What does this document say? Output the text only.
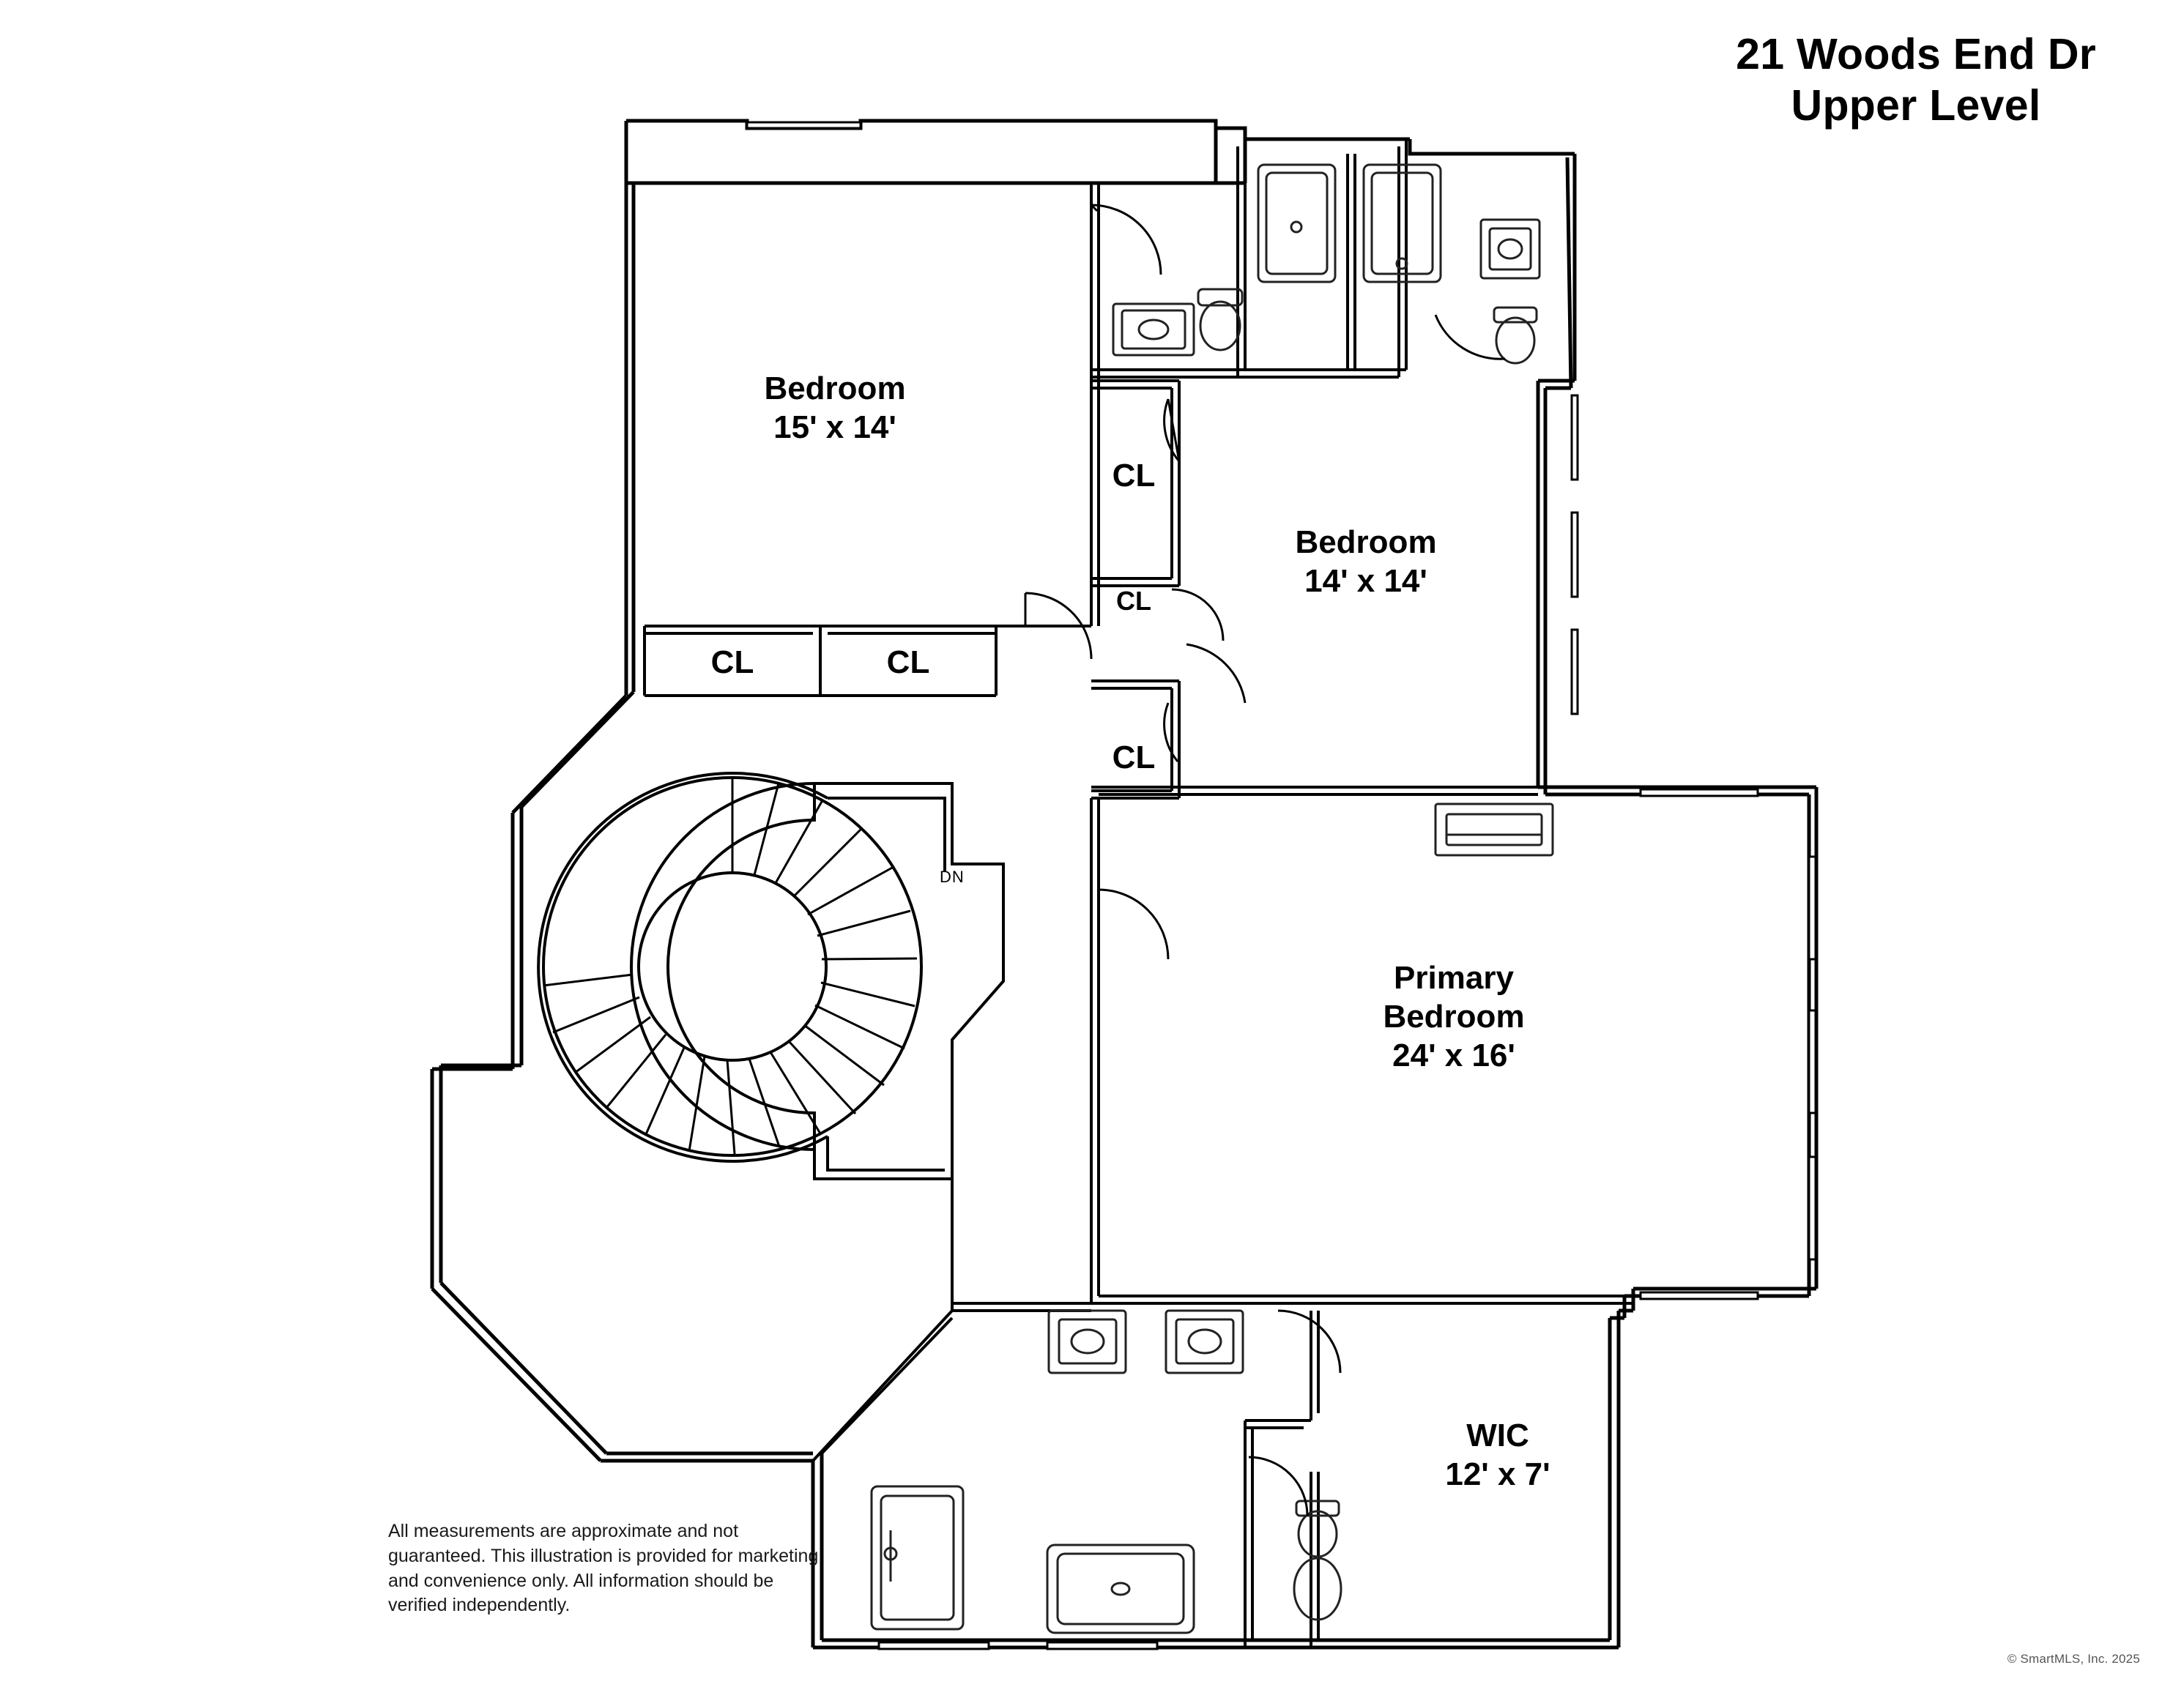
21 Woods End Dr
Upper Level
Bedroom
15' x 14'
Bedroom
14' x 14'
Primary
Bedroom
24' x 16'
WIC
12' x 7'
CL	CL
CL
CL
CL
DN
All measurements are approximate and not guaranteed. This illustration is provided for marketing and convenience only. All information should be verified independently.
© SmartMLS, Inc. 2025
